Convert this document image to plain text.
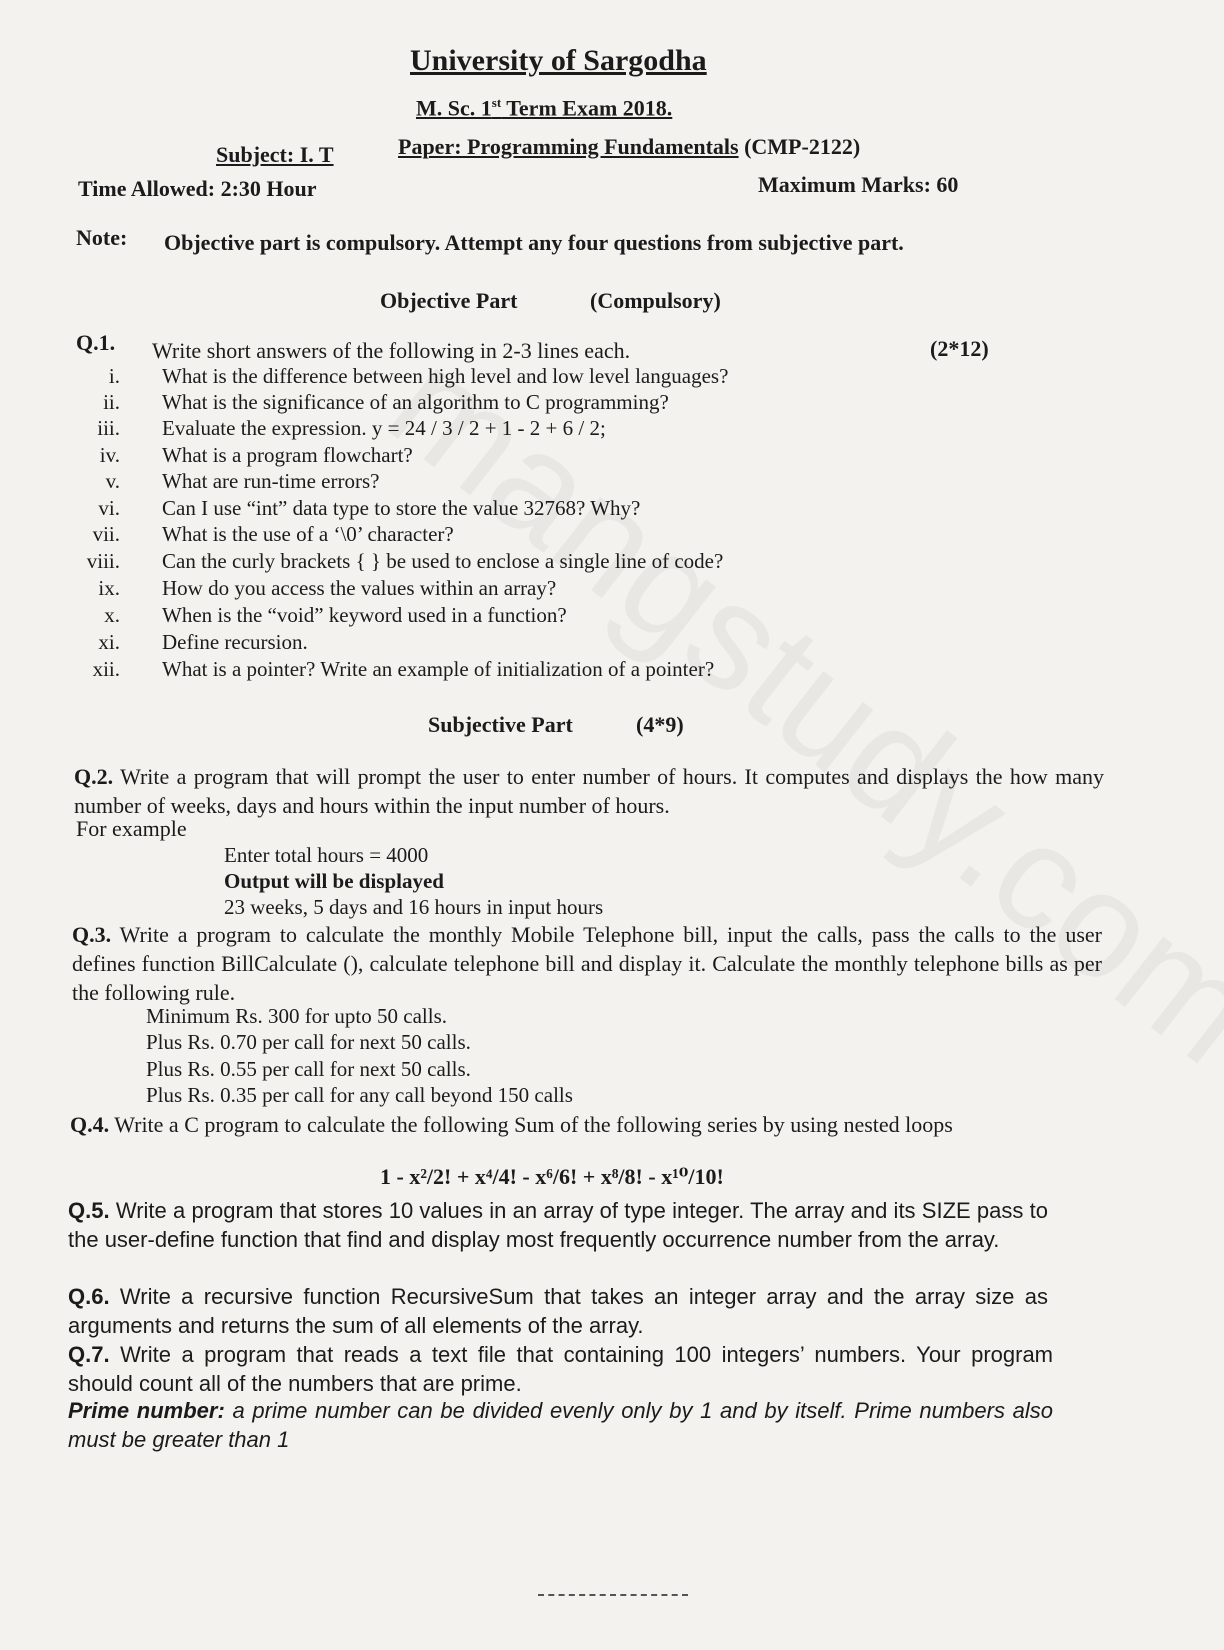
University of Sargodha
M. Sc. 1st Term Exam 2018.
Subject: I. T	Paper: Programming Fundamentals (CMP-2122)
Time Allowed: 2:30 Hour	Maximum Marks: 60
Note: Objective part is compulsory. Attempt any four questions from subjective part.
Objective Part	(Compulsory)
Q.1. Write short answers of the following in 2-3 lines each.	(2*12)
i. What is the difference between high level and low level languages?
ii. What is the significance of an algorithm to C programming?
iii. Evaluate the expression. y = 24 / 3 / 2 + 1 - 2 + 6 / 2;
iv. What is a program flowchart?
v. What are run-time errors?
vi. Can I use “int” data type to store the value 32768? Why?
vii. What is the use of a ‘\0’ character?
viii. Can the curly brackets { } be used to enclose a single line of code?
ix. How do you access the values within an array?
x. When is the “void” keyword used in a function?
xi. Define recursion.
xii. What is a pointer? Write an example of initialization of a pointer?
Subjective Part	(4*9)
Q.2. Write a program that will prompt the user to enter number of hours. It computes and displays the how many number of weeks, days and hours within the input number of hours.
For example
Enter total hours = 4000
Output will be displayed
23 weeks, 5 days and 16 hours in input hours
Q.3. Write a program to calculate the monthly Mobile Telephone bill, input the calls, pass the calls to the user defines function BillCalculate (), calculate telephone bill and display it. Calculate the monthly telephone bills as per the following rule.
Minimum Rs. 300 for upto 50 calls.
Plus Rs. 0.70 per call for next 50 calls.
Plus Rs. 0.55 per call for next 50 calls.
Plus Rs. 0.35 per call for any call beyond 150 calls
Q.4. Write a C program to calculate the following Sum of the following series by using nested loops
1 - x²/2! + x⁴/4! - x⁶/6! + x⁸/8! - x¹⁰/10!
Q.5. Write a program that stores 10 values in an array of type integer. The array and its SIZE pass to the user-define function that find and display most frequently occurrence number from the array.
Q.6. Write a recursive function RecursiveSum that takes an integer array and the array size as arguments and returns the sum of all elements of the array.
Q.7. Write a program that reads a text file that containing 100 integers’ numbers. Your program should count all of the numbers that are prime.
Prime number: a prime number can be divided evenly only by 1 and by itself. Prime numbers also must be greater than 1
